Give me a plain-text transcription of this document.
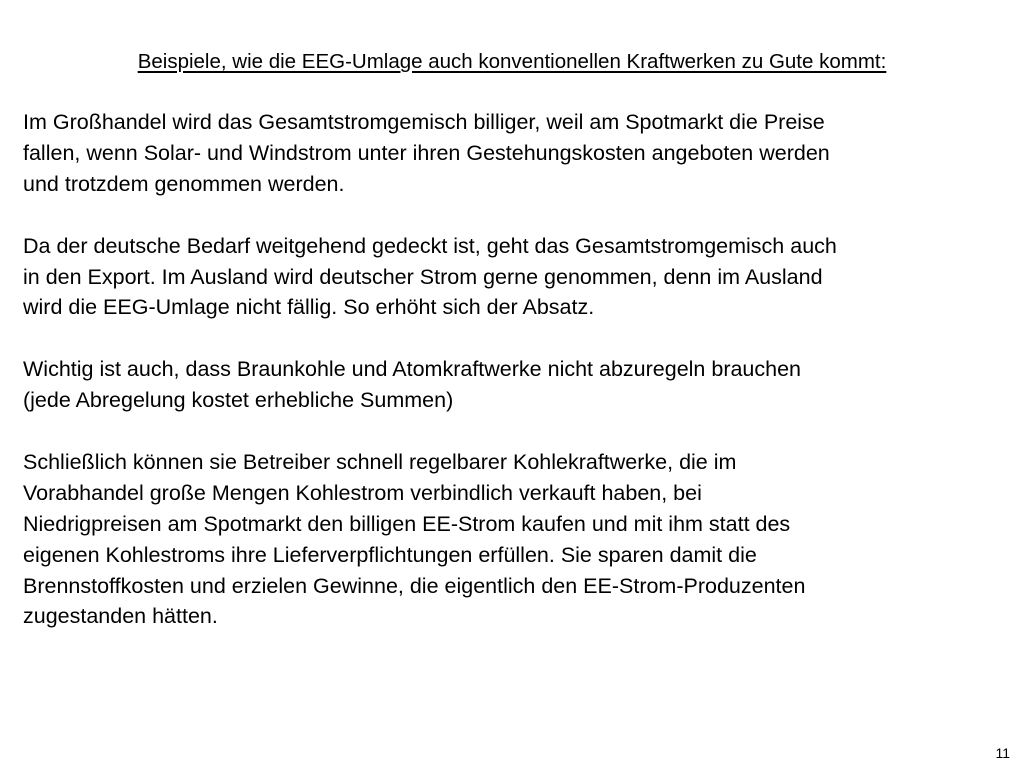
Beispiele, wie die EEG-Umlage auch konventionellen Kraftwerken zu Gute kommt:

Im Großhandel wird das Gesamtstromgemisch billiger, weil am Spotmarkt die Preise
fallen, wenn Solar- und Windstrom unter ihren Gestehungskosten angeboten werden
und trotzdem genommen werden.

Da der deutsche Bedarf weitgehend gedeckt ist, geht das Gesamtstromgemisch auch
in den Export. Im Ausland wird deutscher Strom gerne genommen, denn im Ausland
wird die EEG-Umlage nicht fällig. So erhöht sich der Absatz.

Wichtig ist auch, dass Braunkohle und Atomkraftwerke nicht abzuregeln brauchen
(jede Abregelung kostet erhebliche Summen)

Schließlich können sie Betreiber schnell regelbarer Kohlekraftwerke, die im
Vorabhandel große Mengen Kohlestrom verbindlich verkauft haben, bei
Niedrigpreisen am Spotmarkt den billigen EE-Strom kaufen und mit ihm statt des
eigenen Kohlestroms ihre Lieferverpflichtungen erfüllen. Sie sparen damit die
Brennstoffkosten und erzielen Gewinne, die eigentlich den EE-Strom-Produzenten
zugestanden hätten.

11
